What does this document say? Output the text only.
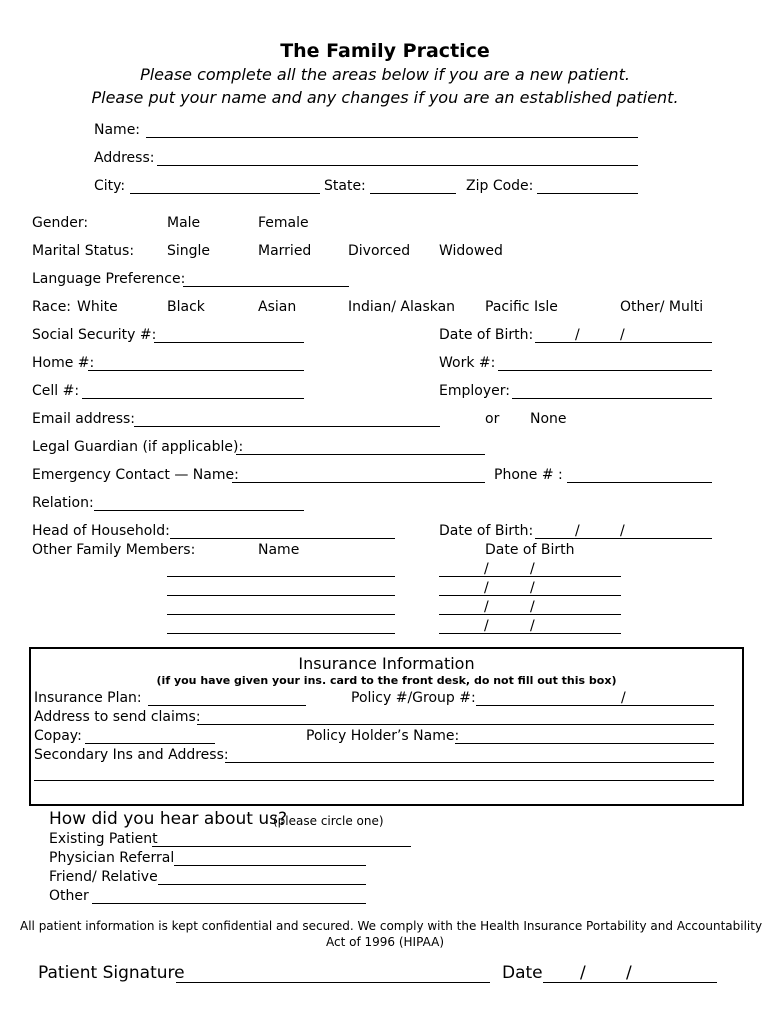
The Family Practice
Please complete all the areas below if you are a new patient.
Please put your name and any changes if you are an established patient.
Name:
Address:
City:	State:	Zip Code:
Gender:	Male	Female
Marital Status: Single	Married	Divorced Widowed
Language Preference:
Race: White	Black	Asian	Indian/ Alaskan Pacific Isle	Other/ Multi
Social Security #:	Date of Birth:	/	/
Home #:	Work #:
Cell #:	Employer:
Email address:	or None
Legal Guardian (if applicable):
Emergency Contact — Name:	Phone # :
Relation:
Head of Household:	Date of Birth:	/	/
Other Family Members:	Name	Date of Birth
/	/
/	/
/	/
/	/
Insurance Information
(if you have given your ins. card to the front desk, do not fill out this box)
Insurance Plan:	Policy #/Group #:	/
Address to send claims:
Copay:	Policy Holder’s Name:
Secondary Ins and Address:
How did you hear about us?
(please circle one)
Existing Patient
Physician Referral
Friend/ Relative
Other
All patient information is kept confidential and secured. We comply with the Health Insurance Portability and Accountability
Act of 1996 (HIPAA)
Patient Signature	Date / /
